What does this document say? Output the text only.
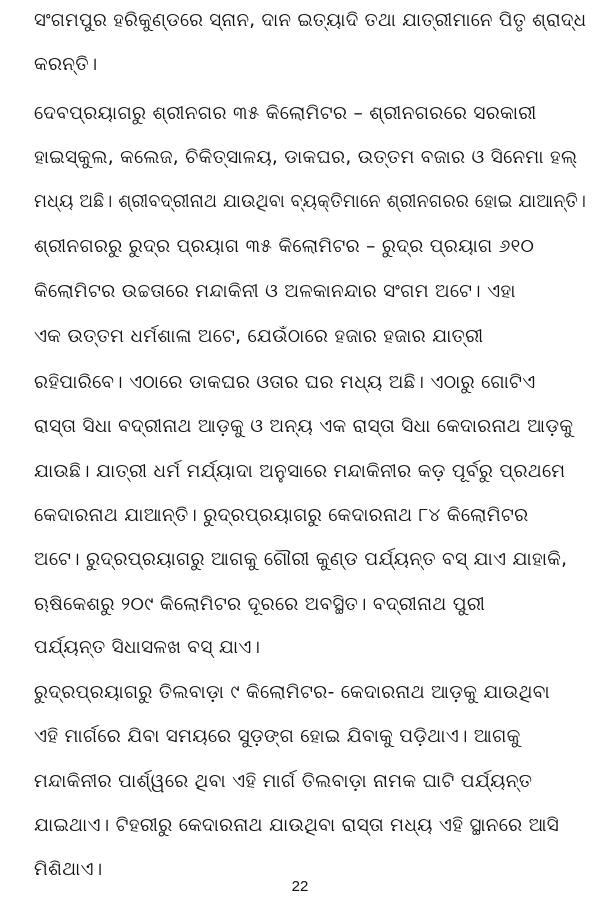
ସଂଗମପୁର ହରିକୁଣ୍ଡରେ ସ୍ନାନ, ଦାନ ଇତ୍ୟାଦି ତଥା ଯାତ୍ରୀମାନେ ପିତୃ ଶ୍ରାଦ୍ଧ
କରନ୍ତି।
ଦେବପ୍ରୟାଗରୁ ଶ୍ରୀନଗର ୩୫ କିଲୋମିଟର – ଶ୍ରୀନଗରରେ ସରକାରୀ
ହାଇସ୍କୁଲ, କଲେଜ, ଚିକିତ୍ସାଳୟ, ଡାକଘର, ଉତ୍ତମ ବଜାର ଓ ସିନେମା ହଲ୍
ମଧ୍ୟ ଅଛି। ଶ୍ରୀବଦ୍ରୀନାଥ ଯାଉଥିବା ବ୍ୟକ୍ତିମାନେ ଶ୍ରୀନଗରର ହୋଇ ଯାଆନ୍ତି।
ଶ୍ରୀନଗରରୁ ରୁଦ୍ର ପ୍ରୟାଗ ୩୫ କିଲୋମିଟର – ରୁଦ୍ର ପ୍ରୟାଗ ୬୧୦
କିଲୋମିଟର ଉଚ୍ଚତାରେ ମନ୍ଦାକିନୀ ଓ ଅଳକାନନ୍ଦାର ସଂଗମ ଅଟେ। ଏହା
ଏକ ଉତ୍ତମ ଧର୍ମଶାଳା ଅଟେ, ଯେଉଁଠାରେ ହଜାର ହଜାର ଯାତ୍ରୀ
ରହିପାରିବେ। ଏଠାରେ ଡାକଘର ଓତାର ଘର ମଧ୍ୟ ଅଛି। ଏଠାରୁ ଗୋଟିଏ
ରାସ୍ତା ସିଧା ବଦ୍ରୀନାଥ ଆଡ଼କୁ ଓ ଅନ୍ୟ ଏକ ରାସ୍ତା ସିଧା କେଦାରନାଥ ଆଡ଼କୁ
ଯାଉଛି। ଯାତ୍ରୀ ଧର୍ମ ମର୍ଯ୍ୟାଦା ଅନୁସାରେ ମନ୍ଦାକିନୀର କଡ଼ ପୂର୍ବରୁ ପ୍ରଥମେ
କେଦାରନାଥ ଯାଆନ୍ତି। ରୁଦ୍ରପ୍ରୟାଗରୁ କେଦାରନାଥ ୮୪ କିଲୋମିଟର
ଅଟେ। ରୁଦ୍ରପ୍ରୟାଗରୁ ଆଗକୁ ଗୌରୀ କୁଣ୍ଡ ପର୍ଯ୍ୟନ୍ତ ବସ୍ ଯାଏ ଯାହାକି,
ଋଷିକେଶରୁ ୨୦୯ କିଲୋମିଟର ଦୂରରେ ଅବସ୍ଥିତ। ବଦ୍ରୀନାଥ ପୁରୀ
ପର୍ଯ୍ୟନ୍ତ ସିଧାସଳଖ ବସ୍ ଯାଏ।
ରୁଦ୍ରପ୍ରୟାଗରୁ ତିଲବାଡ଼ା ୯ କିଲୋମିଟର- କେଦାରନାଥ ଆଡ଼କୁ ଯାଉଥିବା
ଏହି ମାର୍ଗରେ ଯିବା ସମୟରେ ସୁଡ଼ଙ୍ଗ ହୋଇ ଯିବାକୁ ପଡ଼ିଥାଏ। ଆଗକୁ
ମନ୍ଦାକିନୀର ପାର୍ଶ୍ୱରେ ଥିବା ଏହି ମାର୍ଗ ତିଲବାଡ଼ା ନାମକ ଘାଟି ପର୍ଯ୍ୟନ୍ତ
ଯାଇଥାଏ। ଟିହରୀରୁ କେଦାରନାଥ ଯାଉଥିବା ରାସ୍ତା ମଧ୍ୟ ଏହି ସ୍ଥାନରେ ଆସି
ମିଶିଥାଏ।
22
